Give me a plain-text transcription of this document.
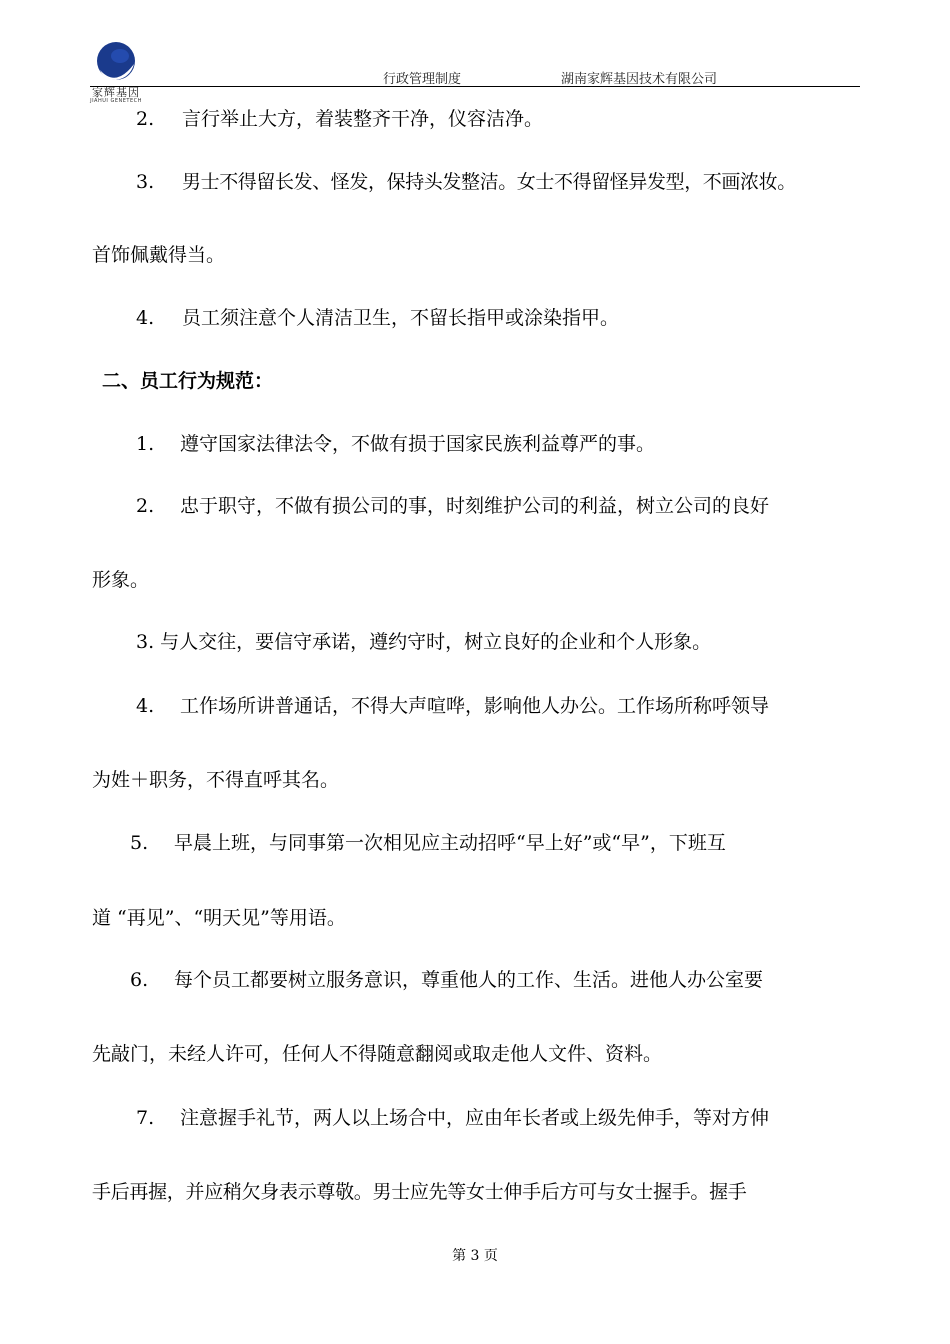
家辉基因
JIAHUI GENETECH
行政管理制度	湖南家辉基因技术有限公司
2. 言行举止大方，着装整齐干净，仪容洁净。
3. 男士不得留长发、怪发，保持头发整洁。女士不得留怪异发型，不画浓妆。
首饰佩戴得当。
4. 员工须注意个人清洁卫生，不留长指甲或涂染指甲。
二、员工行为规范：
1. 遵守国家法律法令，不做有损于国家民族利益尊严的事。
2. 忠于职守，不做有损公司的事，时刻维护公司的利益，树立公司的良好
形象。
3. 与人交往，要信守承诺，遵约守时，树立良好的企业和个人形象。
4. 工作场所讲普通话，不得大声喧哗，影响他人办公。工作场所称呼领导
为姓＋职务，不得直呼其名。
5. 早晨上班，与同事第一次相见应主动招呼“早上好”或“早”，下班互
道 “再见”、“明天见”等用语。
6. 每个员工都要树立服务意识，尊重他人的工作、生活。进他人办公室要
先敲门，未经人许可，任何人不得随意翻阅或取走他人文件、资料。
7. 注意握手礼节，两人以上场合中，应由年长者或上级先伸手，等对方伸
手后再握，并应稍欠身表示尊敬。男士应先等女士伸手后方可与女士握手。握手
第 3 页
